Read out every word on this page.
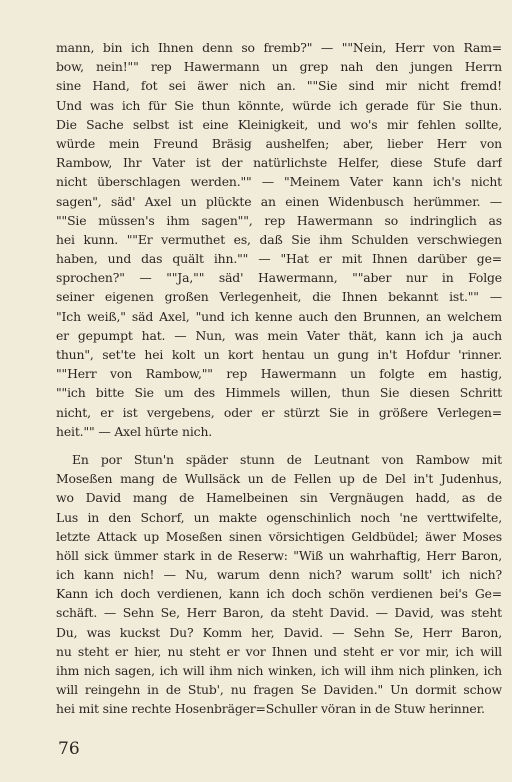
mann, bin ich Ihnen denn so fremb?" — ""Nein, Herr von Ram=
bow, nein!"" rep Hawermann un grep nah den jungen Herrn
sine Hand, fot sei äwer nich an. ""Sie sind mir nicht fremd!
Und was ich für Sie thun könnte, würde ich gerade für Sie thun.
Die Sache selbst ist eine Kleinigkeit, und wo's mir fehlen sollte,
würde mein Freund Bräsig aushelfen; aber, lieber Herr von
Rambow, Ihr Vater ist der natürlichste Helfer, diese Stufe darf
nicht überschlagen werden."" — "Meinem Vater kann ich's nicht
sagen", säd' Axel un plückte an einen Widenbusch herümmer. —
""Sie müssen's ihm sagen"", rep Hawermann so indringlich as
hei kunn. ""Er vermuthet es, daß Sie ihm Schulden verschwiegen
haben, und das quält ihn."" — "Hat er mit Ihnen darüber ge=
sprochen?" — ""Ja,"" säd' Hawermann, ""aber nur in Folge
seiner eigenen großen Verlegenheit, die Ihnen bekannt ist."" —
"Ich weiß," säd Axel, "und ich kenne auch den Brunnen, an welchem
er gepumpt hat. — Nun, was mein Vater thät, kann ich ja auch
thun", set'te hei kolt un kort hentau un gung in't Hofdur 'rinner.
""Herr von Rambow,"" rep Hawermann un folgte em hastig,
""ich bitte Sie um des Himmels willen, thun Sie diesen Schritt
nicht, er ist vergebens, oder er stürzt Sie in größere Verlegen=
heit."" — Axel hürte nich.
En por Stun'n späder stunn de Leutnant von Rambow mit
Moseßen mang de Wullsäck un de Fellen up de Del in't Judenhus,
wo David mang de Hamelbeinen sin Vergnäugen hadd, as de
Lus in den Schorf, un makte ogenschinlich noch 'ne verttwifelte,
letzte Attack up Moseßen sinen vörsichtigen Geldbüdel; äwer Moses
höll sick ümmer stark in de Reserw: "Wiß un wahrhaftig, Herr Baron,
ich kann nich! — Nu, warum denn nich? warum sollt' ich nich?
Kann ich doch verdienen, kann ich doch schön verdienen bei's Ge=
schäft. — Sehn Se, Herr Baron, da steht David. — David, was steht
Du, was kuckst Du? Komm her, David. — Sehn Se, Herr Baron,
nu steht er hier, nu steht er vor Ihnen und steht er vor mir, ich will
ihm nich sagen, ich will ihm nich winken, ich will ihm nich plinken, ich
will reingehn in de Stub', nu fragen Se Daviden." Un dormit schow
hei mit sine rechte Hosenbräger=Schuller vöran in de Stuw herinner.
76
